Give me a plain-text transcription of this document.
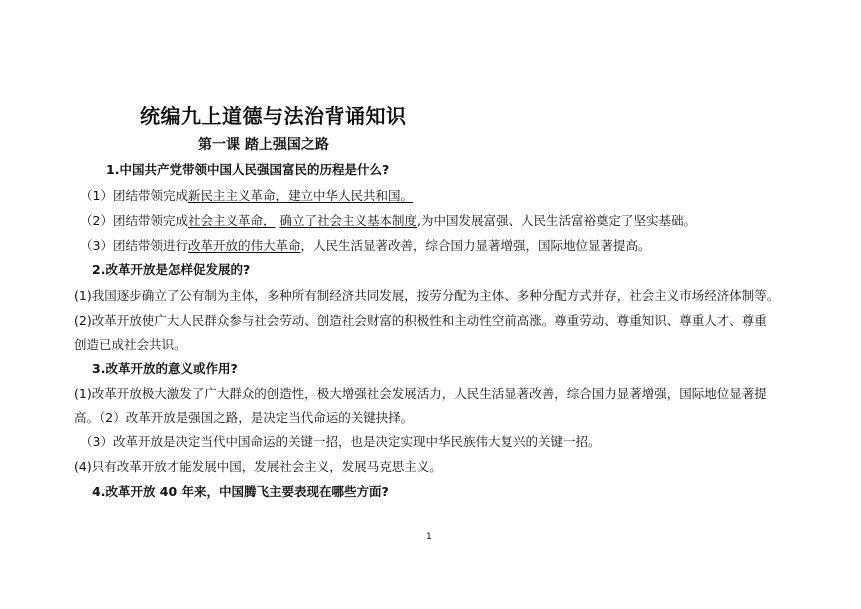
统编九上道德与法治背诵知识
第一课 踏上强国之路
1.中国共产党带领中国人民强国富民的历程是什么?
（1）团结带领完成新民主主义革命，建立中华人民共和国。
（2）团结带领完成社会主义革命， 确立了社会主义基本制度,为中国发展富强、人民生活富裕奠定了坚实基础。
（3）团结带领进行改革开放的伟大革命，人民生活显著改善，综合国力显著增强，国际地位显著提高。
2.改革开放是怎样促发展的?
(1)我国逐步确立了公有制为主体，多种所有制经济共同发展，按劳分配为主体、多种分配方式并存，社会主义市场经济体制等。
(2)改革开放使广大人民群众参与社会劳动、创造社会财富的积极性和主动性空前高涨。尊重劳动、尊重知识、尊重人才、尊重
创造已成社会共识。
3.改革开放的意义或作用?
(1)改革开放极大激发了广大群众的创造性，极大增强社会发展活力，人民生活显著改善，综合国力显著增强，国际地位显著提
高。（2）改革开放是强国之路，是决定当代命运的关键抉择。
（3）改革开放是决定当代中国命运的关键一招，也是决定实现中华民族伟大复兴的关键一招。
(4)只有改革开放才能发展中国，发展社会主义，发展马克思主义。
4.改革开放 40 年来，中国腾飞主要表现在哪些方面?
1
